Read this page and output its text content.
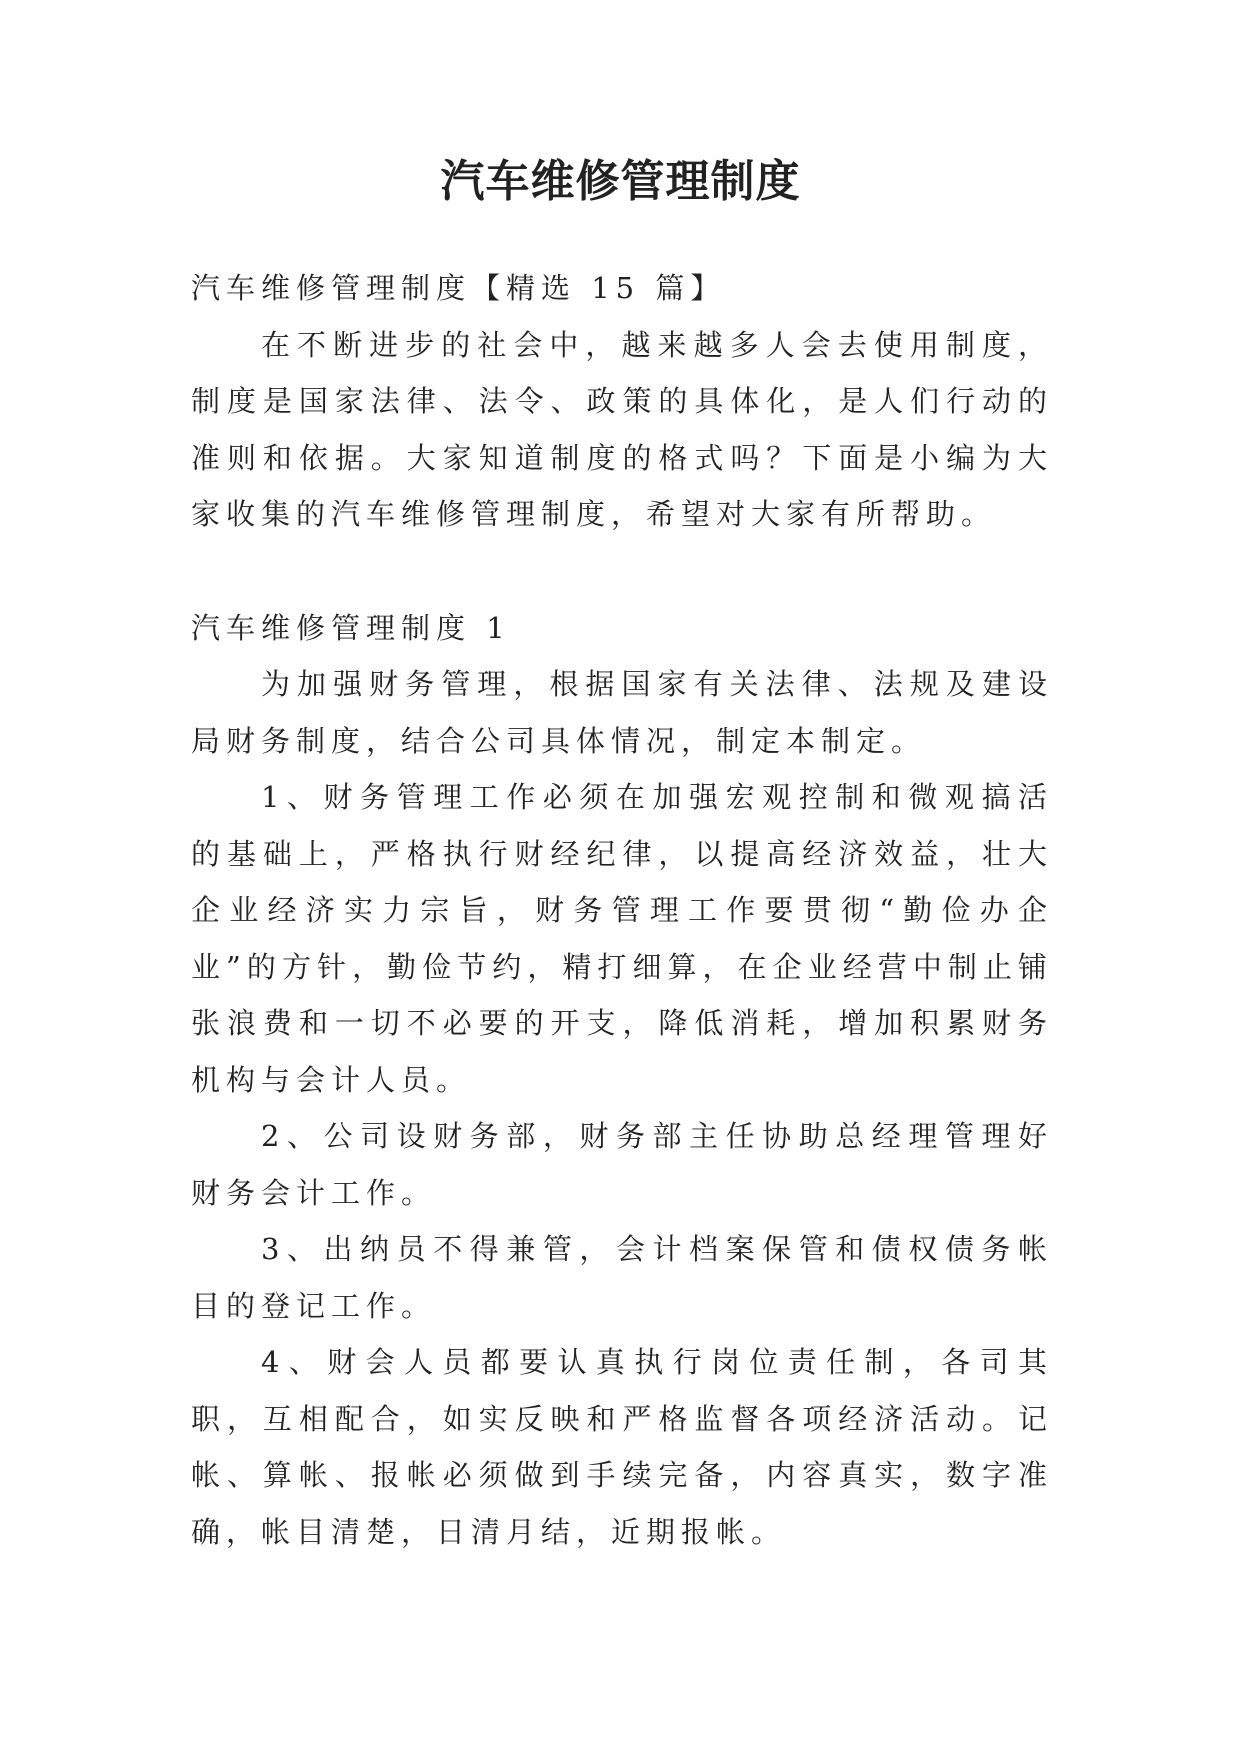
汽车维修管理制度

汽车维修管理制度【精选 15 篇】

在不断进步的社会中，越来越多人会去使用制度，制度是国家法律、法令、政策的具体化，是人们行动的准则和依据。大家知道制度的格式吗？下面是小编为大家收集的汽车维修管理制度，希望对大家有所帮助。

汽车维修管理制度 1

为加强财务管理，根据国家有关法律、法规及建设局财务制度，结合公司具体情况，制定本制定。

1、财务管理工作必须在加强宏观控制和微观搞活的基础上，严格执行财经纪律，以提高经济效益，壮大企业经济实力宗旨，财务管理工作要贯彻“勤俭办企业”的方针，勤俭节约，精打细算，在企业经营中制止铺张浪费和一切不必要的开支，降低消耗，增加积累财务机构与会计人员。

2、公司设财务部，财务部主任协助总经理管理好财务会计工作。

3、出纳员不得兼管，会计档案保管和债权债务帐目的登记工作。

4、财会人员都要认真执行岗位责任制，各司其职，互相配合，如实反映和严格监督各项经济活动。记帐、算帐、报帐必须做到手续完备，内容真实，数字准确，帐目清楚，日清月结，近期报帐。
